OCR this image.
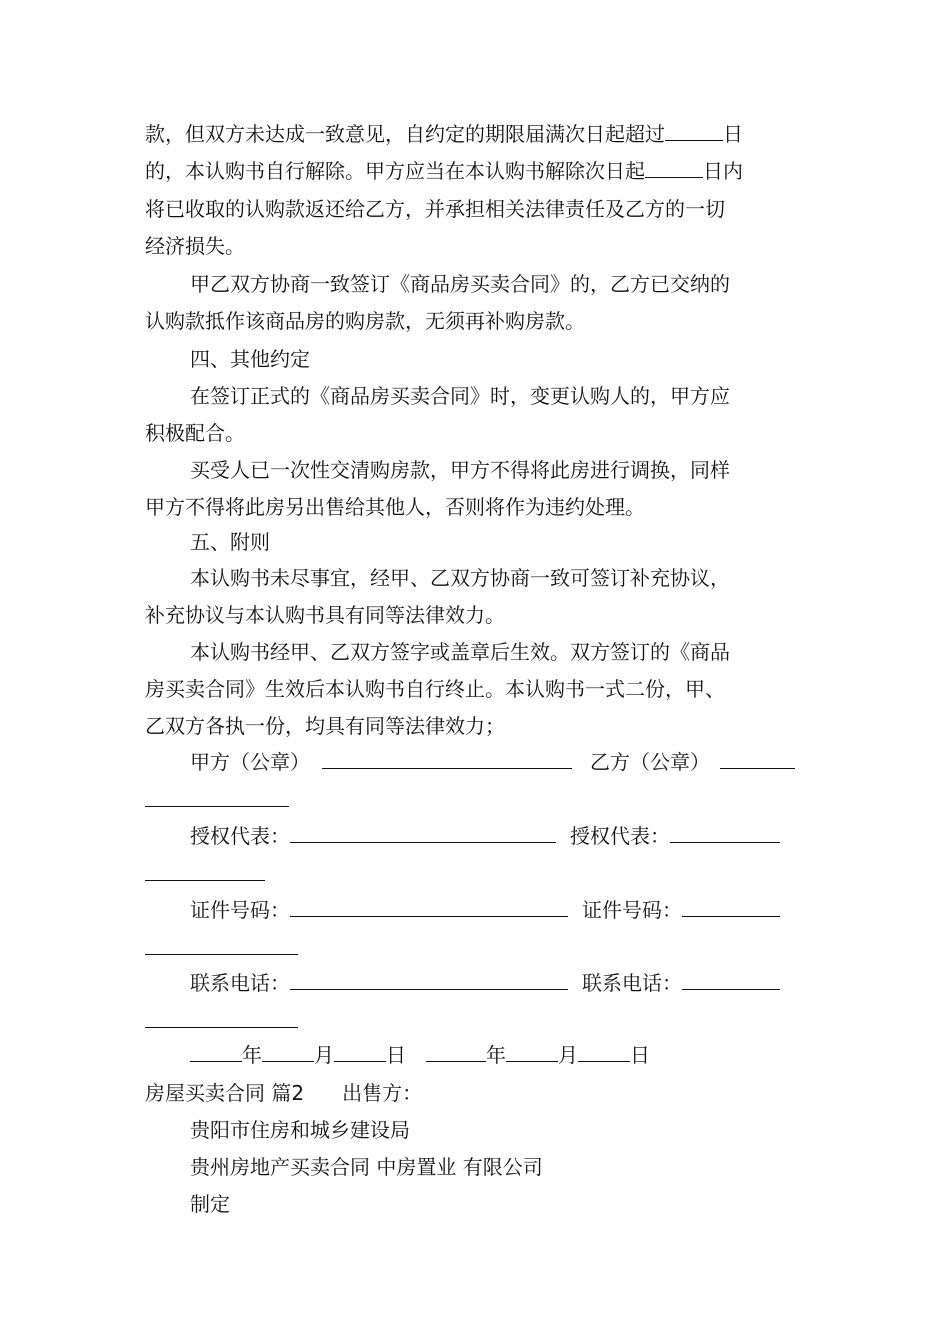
款，但双方未达成一致意见，自约定的期限届满次日起超过	日
的，本认购书自行解除。甲方应当在本认购书解除次日起	日内
将已收取的认购款返还给乙方，并承担相关法律责任及乙方的一切
经济损失。
甲乙双方协商一致签订《商品房买卖合同》的，乙方已交纳的
认购款抵作该商品房的购房款，无须再补购房款。
四、其他约定
在签订正式的《商品房买卖合同》时，变更认购人的，甲方应
积极配合。
买受人已一次性交清购房款，甲方不得将此房进行调换，同样
甲方不得将此房另出售给其他人，否则将作为违约处理。
五、附则
本认购书未尽事宜，经甲、乙双方协商一致可签订补充协议，
补充协议与本认购书具有同等法律效力。
本认购书经甲、乙双方签字或盖章后生效。双方签订的《商品
房买卖合同》生效后本认购书自行终止。本认购书一式二份，甲、
乙双方各执一份，均具有同等法律效力；
甲方（公章）	乙方（公章）
授权代表：	授权代表：
证件号码：	证件号码：
联系电话：	联系电话：
年	月	日	年	月	日
房屋买卖合同 篇2 出售方：
贵阳市住房和城乡建设局
贵州房地产买卖合同 中房置业 有限公司
制定
